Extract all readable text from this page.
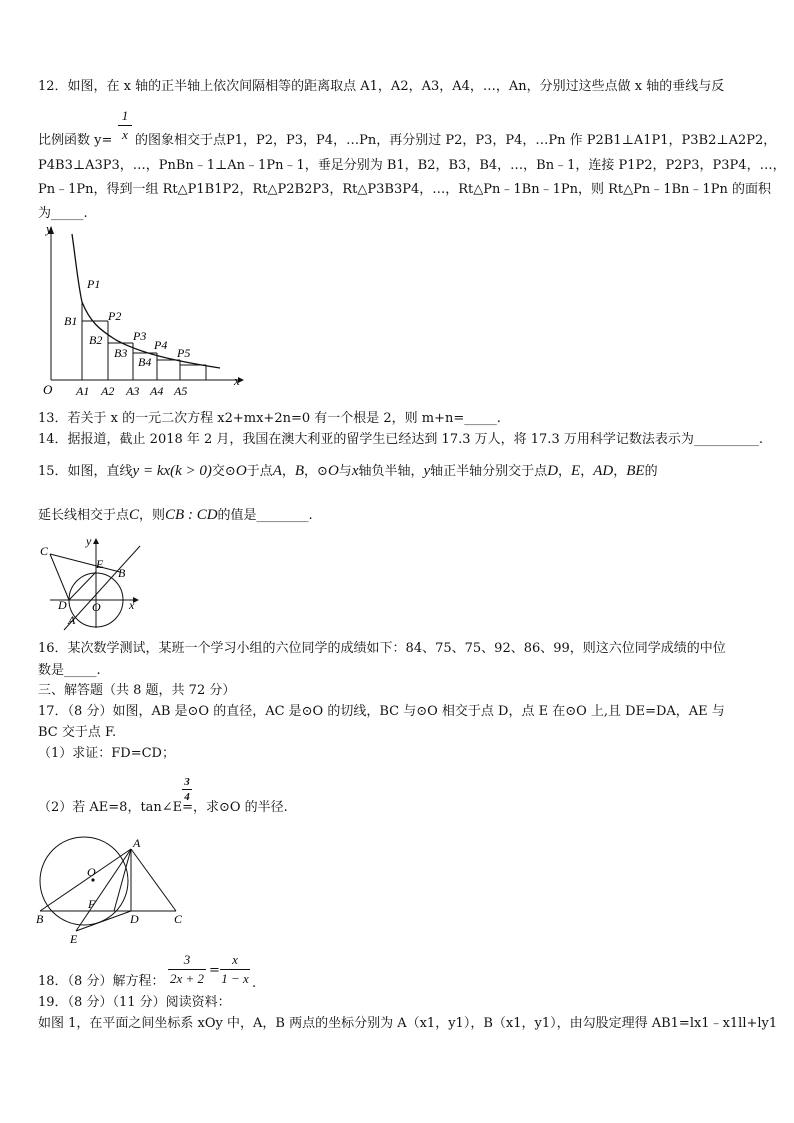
12．如图，在 x 轴的正半轴上依次间隔相等的距离取点 A1，A2，A3，A4，…，An，分别过这些点做 x 轴的垂线与反
1
x
比例函数 y= 的图象相交于点P1，P2，P3，P4，…Pn，再分别过 P2，P3，P4，…Pn 作 P2B1⊥A1P1，P3B2⊥A2P2，
P4B3⊥A3P3，…，PnBn﹣1⊥An﹣1Pn﹣1，垂足分别为 B1，B2，B3，B4，…，Bn﹣1，连接 P1P2，P2P3，P3P4，…，
Pn﹣1Pn，得到一组 Rt△P1B1P2，Rt△P2B2P3，Rt△P3B3P4，…，Rt△Pn﹣1Bn﹣1Pn，则 Rt△Pn﹣1Bn﹣1Pn 的面积
为_____.
y
x
O
P1
P2
P3
P4
P5
B1
B2
B3
B4
A1 A2 A3 A4 A5
13．若关于 x 的一元二次方程 x2+mx+2n=0 有一个根是 2，则 m+n=_____.
14．据报道，截止 2018 年 2 月，我国在澳大利亚的留学生已经达到 17.3 万人，将 17.3 万用科学记数法表示为__________.
15．如图，直线y = kx(k > 0)交⊙O于点A，B，⊙O与x轴负半轴，y轴正半轴分别交于点D，E，AD，BE的
延长线相交于点C，则CB : CD的值是________.
C
y
E
B
D O x
A
16．某次数学测试，某班一个学习小组的六位同学的成绩如下：84、75、75、92、86、99，则这六位同学成绩的中位
数是_____.
三、解答题（共 8 题，共 72 分）
17．（8 分）如图，AB 是⊙O 的直径，AC 是⊙O 的切线，BC 与⊙O 相交于点 D，点 E 在⊙O 上,且 DE=DA，AE 与
BC 交于点 F.
（1）求证：FD=CD；
3
4
（2）若 AE=8，tan∠E= ，求⊙O 的半径.
A
O
F
B	D	C
E
18．（8 分）解方程：
3
2x + 2
=
x
1 − x .
19．（8 分）（11 分）阅读资料：
如图 1，在平面之间坐标系 xOy 中，A，B 两点的坐标分别为 A（x1，y1），B（x1，y1），由勾股定理得 AB1=lx1﹣x1ll+ly1
